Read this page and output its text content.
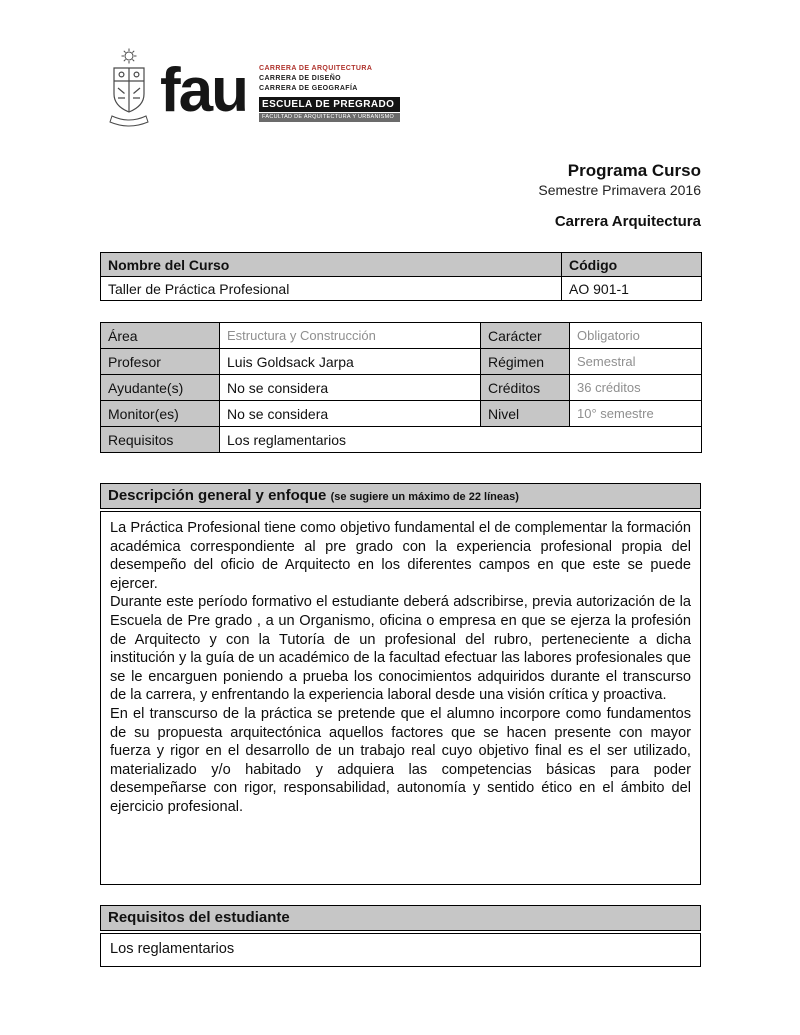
fau	CARRERA DE ARQUITECTURA
CARRERA DE DISEÑO
CARRERA DE GEOGRAFÍA
ESCUELA DE PREGRADO
FACULTAD DE ARQUITECTURA Y URBANISMO
Programa Curso
Semestre Primavera 2016
Carrera Arquitectura
Nombre del Curso	Código
Taller de Práctica Profesional	AO 901-1
Área	Estructura y Construcción	Carácter	Obligatorio
Profesor	Luis Goldsack Jarpa	Régimen	Semestral
Ayudante(s)	No se considera	Créditos	36 créditos
Monitor(es)	No se considera	Nivel	10° semestre
Requisitos	Los reglamentarios		
Descripción general y enfoque (se sugiere un máximo de 22 líneas)

La Práctica Profesional tiene como objetivo fundamental el de complementar la formación académica correspondiente al pre grado con la experiencia profesional propia del desempeño del oficio de Arquitecto en los diferentes campos en que este se puede ejercer.

Durante este período formativo el estudiante deberá adscribirse, previa autorización de la Escuela de Pre grado , a un Organismo, oficina o empresa en que se ejerza la profesión de Arquitecto y con la Tutoría de un profesional del rubro, perteneciente a dicha institución y la guía de un académico de la facultad efectuar las labores profesionales que se le encarguen poniendo a prueba los conocimientos adquiridos durante el transcurso de la carrera, y enfrentando la experiencia laboral desde una visión crítica y proactiva.

En el transcurso de la práctica se pretende que el alumno incorpore como fundamentos de su propuesta arquitectónica aquellos factores que se hacen presente con mayor fuerza y rigor en el desarrollo de un trabajo real cuyo objetivo final es el ser utilizado, materializado y/o habitado y adquiera las competencias básicas para poder desempeñarse con rigor, responsabilidad, autonomía y sentido ético en el ámbito del ejercicio profesional.

Requisitos del estudiante
Los reglamentarios
